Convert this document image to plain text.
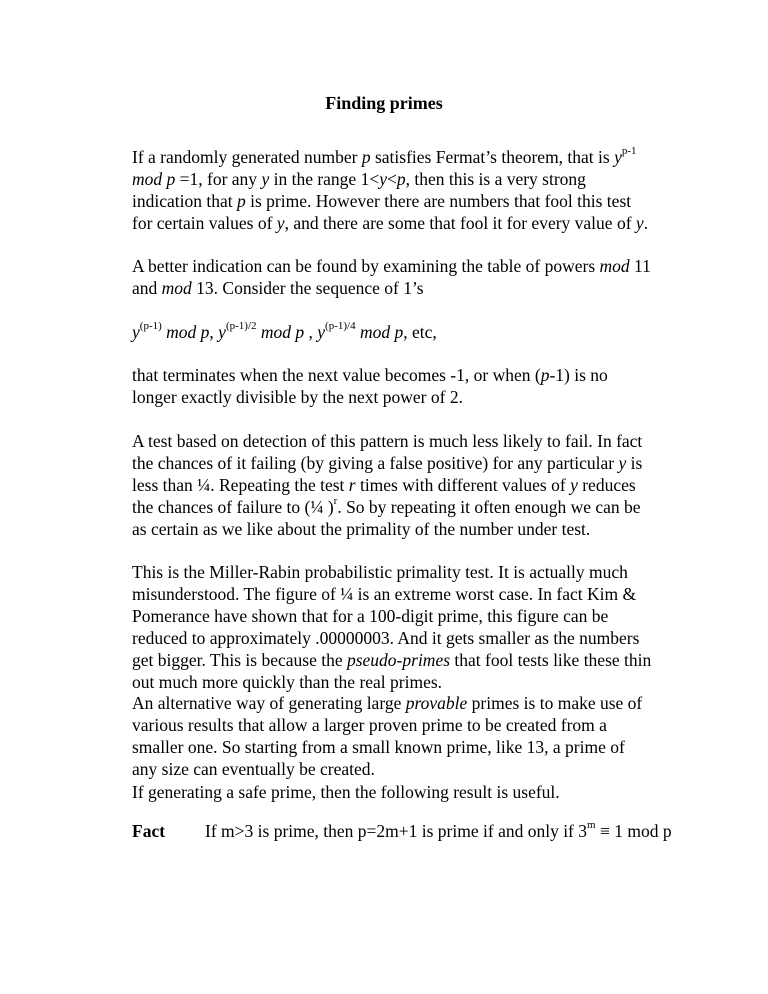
Finding primes

If a randomly generated number p satisfies Fermat’s theorem, that is $y^{p-1}$ mod p =1, for any y in the range 1<y<p, then this is a very strong indication that p is prime. However there are numbers that fool this test for certain values of y, and there are some that fool it for every value of y.

A better indication can be found by examining the table of powers mod 11 and mod 13. Consider the sequence of 1’s

$y^{(p-1)}$ mod p, $y^{(p-1)/2}$ mod p , $y^{(p-1)/4}$ mod p, etc,

that terminates when the next value becomes -1, or when (p-1) is no longer exactly divisible by the next power of 2.

A test based on detection of this pattern is much less likely to fail. In fact the chances of it failing (by giving a false positive) for any particular y is less than ¼. Repeating the test r times with different values of y reduces the chances of failure to (¼ )$^r$. So by repeating it often enough we can be as certain as we like about the primality of the number under test.

This is the Miller-Rabin probabilistic primality test. It is actually much misunderstood. The figure of ¼ is an extreme worst case. In fact Kim & Pomerance have shown that for a 100-digit prime, this figure can be reduced to approximately .00000003. And it gets smaller as the numbers get bigger. This is because the pseudo-primes that fool tests like these thin out much more quickly than the real primes.

An alternative way of generating large provable primes is to make use of various results that allow a larger proven prime to be created from a smaller one. So starting from a small known prime, like 13, a prime of any size can eventually be created.

If generating a safe prime, then the following result is useful.

Fact If m>3 is prime, then p=2m+1 is prime if and only if $3^m \equiv 1$ mod p
